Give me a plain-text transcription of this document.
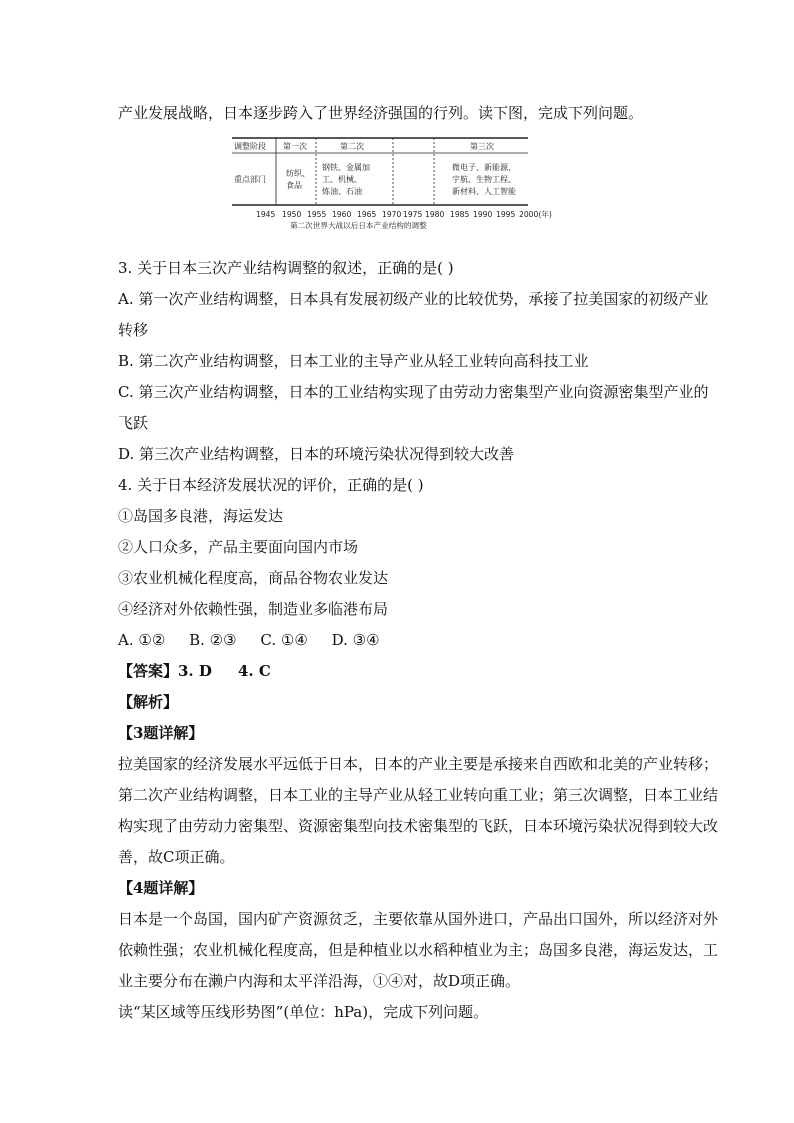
产业发展战略，日本逐步跨入了世界经济强国的行列。读下图，完成下列问题。
调整阶段
重点部门
第一次	第二次	第三次
纺织、
食品
钢铁、金属加
工、机械、
炼油、石油
微电子、新能源、
宇航、生物工程、
新材料、人工智能
1945 1950 1955 1960 1965 1970 1975 1980 1985 1990 1995 2000(年)
第二次世界大战以后日本产业结构的调整
3. 关于日本三次产业结构调整的叙述，正确的是( )
A. 第一次产业结构调整，日本具有发展初级产业的比较优势，承接了拉美国家的初级产业
转移
B. 第二次产业结构调整，日本工业的主导产业从轻工业转向高科技工业
C. 第三次产业结构调整，日本的工业结构实现了由劳动力密集型产业向资源密集型产业的
飞跃
D. 第三次产业结构调整，日本的环境污染状况得到较大改善
4. 关于日本经济发展状况的评价，正确的是( )
①岛国多良港，海运发达
②人口众多，产品主要面向国内市场
③农业机械化程度高，商品谷物农业发达
④经济对外依赖性强，制造业多临港布局
A. ①②     B. ②③     C. ①④     D. ③④
【答案】3. D     4. C
【解析】
【3题详解】
拉美国家的经济发展水平远低于日本，日本的产业主要是承接来自西欧和北美的产业转移；
第二次产业结构调整，日本工业的主导产业从轻工业转向重工业；第三次调整，日本工业结
构实现了由劳动力密集型、资源密集型向技术密集型的飞跃，日本环境污染状况得到较大改
善，故C项正确。
【4题详解】
日本是一个岛国，国内矿产资源贫乏，主要依靠从国外进口，产品出口国外，所以经济对外
依赖性强；农业机械化程度高，但是种植业以水稻种植业为主；岛国多良港，海运发达，工
业主要分布在濑户内海和太平洋沿海，①④对，故D项正确。
读“某区域等压线形势图”(单位：hPa)，完成下列问题。
